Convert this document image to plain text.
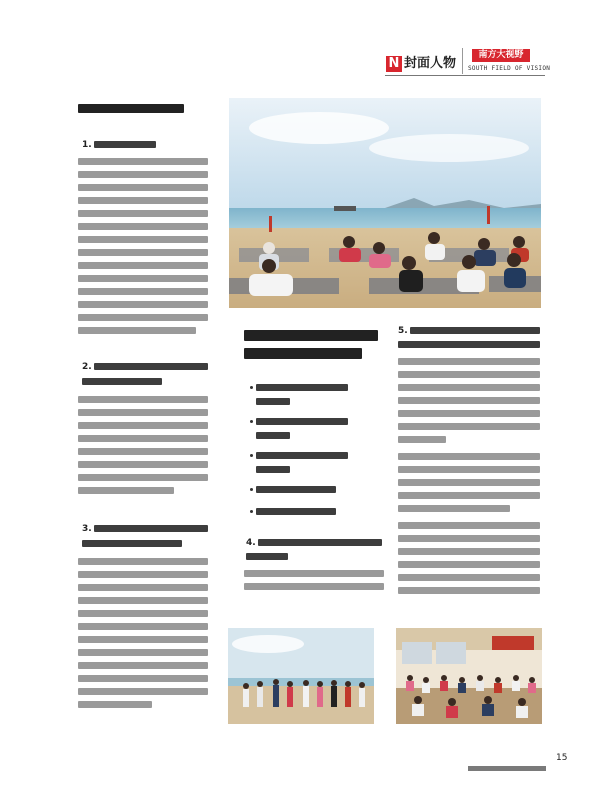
N 封面人物
南方大视野
SOUTH FIELD OF VISION
1.
2.
3.
4.
5.
15
